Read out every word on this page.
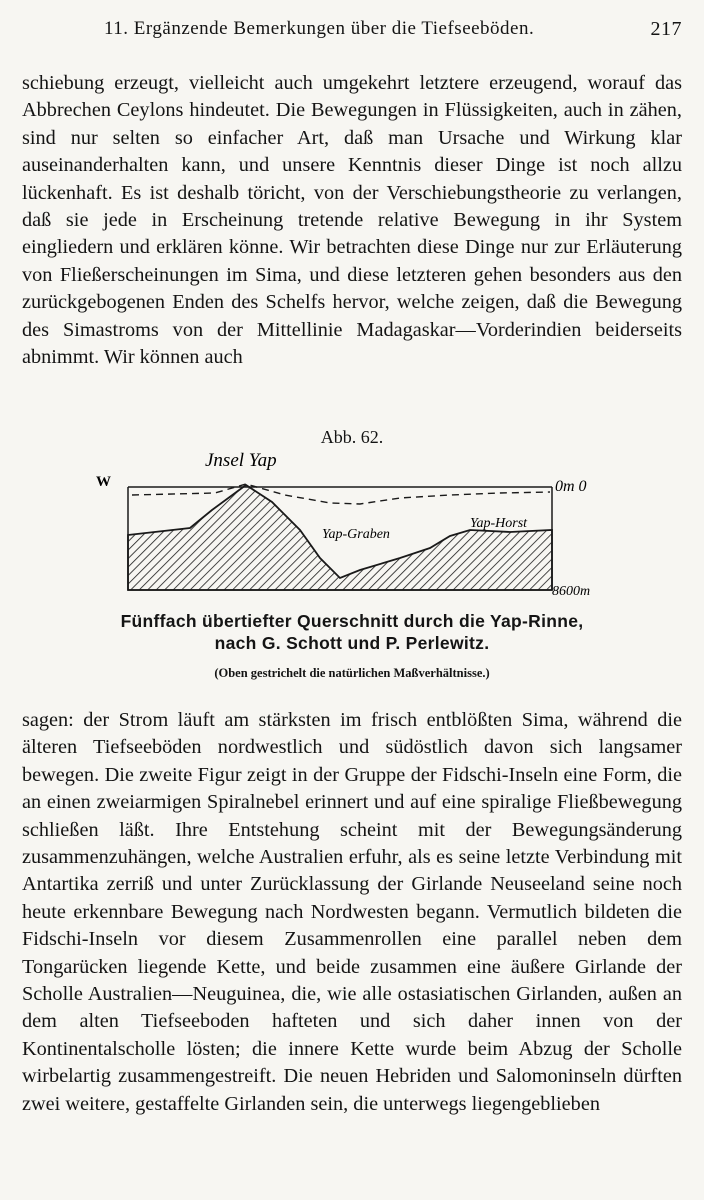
11. Ergänzende Bemerkungen über die Tiefseeböden.	217

schiebung erzeugt, vielleicht auch umgekehrt letztere erzeugend, worauf das Abbrechen Ceylons hindeutet. Die Bewegungen in Flüssigkeiten, auch in zähen, sind nur selten so einfacher Art, daß man Ursache und Wirkung klar auseinanderhalten kann, und unsere Kenntnis dieser Dinge ist noch allzu lückenhaft. Es ist deshalb töricht, von der Verschiebungstheorie zu verlangen, daß sie jede in Erscheinung tretende relative Bewegung in ihr System eingliedern und erklären könne. Wir betrachten diese Dinge nur zur Erläuterung von Fließerscheinungen im Sima, und diese letzteren gehen besonders aus den zurückgebogenen Enden des Schelfs hervor, welche zeigen, daß die Bewegung des Simastroms von der Mittellinie Madagaskar—Vorderindien beiderseits abnimmt. Wir können auch

Abb. 62.
Jnsel Yap
W	0m 0
8600m
Yap-Graben
Yap-Horst
Fünffach übertiefter Querschnitt durch die Yap-Rinne,
nach G. Schott und P. Perlewitz.
(Oben gestrichelt die natürlichen Maßverhältnisse.)

sagen: der Strom läuft am stärksten im frisch entblößten Sima, während die älteren Tiefseeböden nordwestlich und südöstlich davon sich langsamer bewegen. Die zweite Figur zeigt in der Gruppe der Fidschi-Inseln eine Form, die an einen zweiarmigen Spiralnebel erinnert und auf eine spiralige Fließbewegung schließen läßt. Ihre Entstehung scheint mit der Bewegungsänderung zusammenzuhängen, welche Australien erfuhr, als es seine letzte Verbindung mit Antartika zerriß und unter Zurücklassung der Girlande Neuseeland seine noch heute erkennbare Bewegung nach Nordwesten begann. Vermutlich bildeten die Fidschi-Inseln vor diesem Zusammenrollen eine parallel neben dem Tongarücken liegende Kette, und beide zusammen eine äußere Girlande der Scholle Australien—Neuguinea, die, wie alle ostasiatischen Girlanden, außen an dem alten Tiefseeboden hafteten und sich daher innen von der Kontinentalscholle lösten; die innere Kette wurde beim Abzug der Scholle wirbelartig zusammengestreift. Die neuen Hebriden und Salomoninseln dürften zwei weitere, gestaffelte Girlanden sein, die unterwegs liegengeblieben
